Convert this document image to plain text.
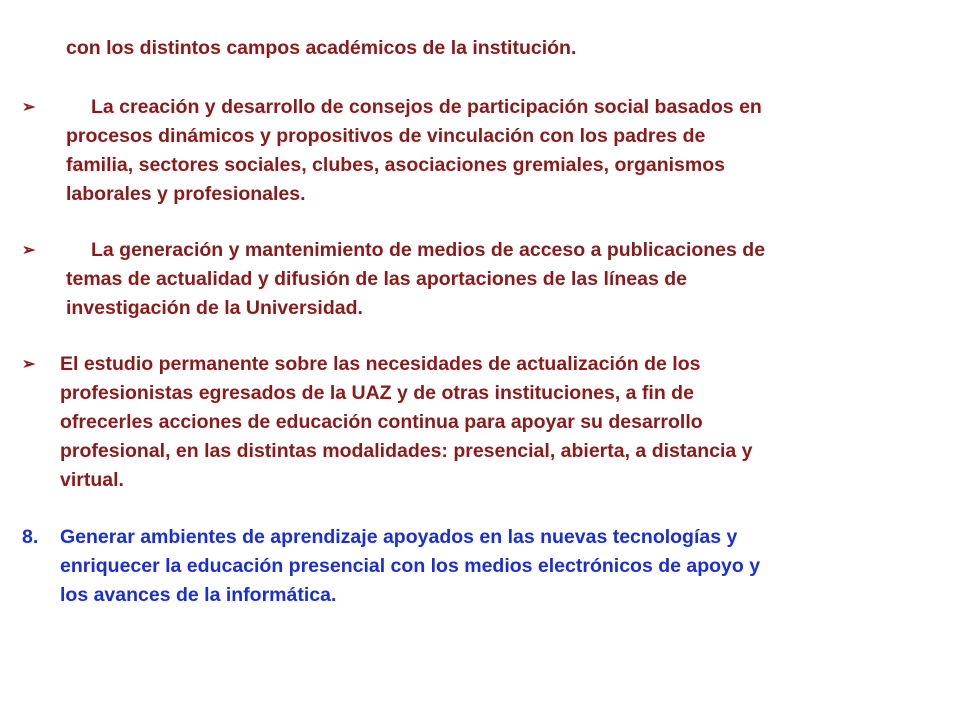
con los distintos campos académicos de la institución.

➢	La creación y desarrollo de consejos de participación social basados en

procesos dinámicos y propositivos de vinculación con los padres de

familia, sectores sociales, clubes, asociaciones gremiales, organismos

laborales y profesionales.

➢	La generación y mantenimiento de medios de acceso a publicaciones de

temas de actualidad y difusión de las aportaciones de las líneas de

investigación de la Universidad.

➢ El estudio permanente sobre las necesidades de actualización de los

profesionistas egresados de la UAZ y de otras instituciones, a fin de

ofrecerles acciones de educación continua para apoyar su desarrollo

profesional, en las distintas modalidades: presencial, abierta, a distancia y

virtual.

8. Generar ambientes de aprendizaje apoyados en las nuevas tecnologías y

enriquecer la educación presencial con los medios electrónicos de apoyo y

los avances de la informática.
